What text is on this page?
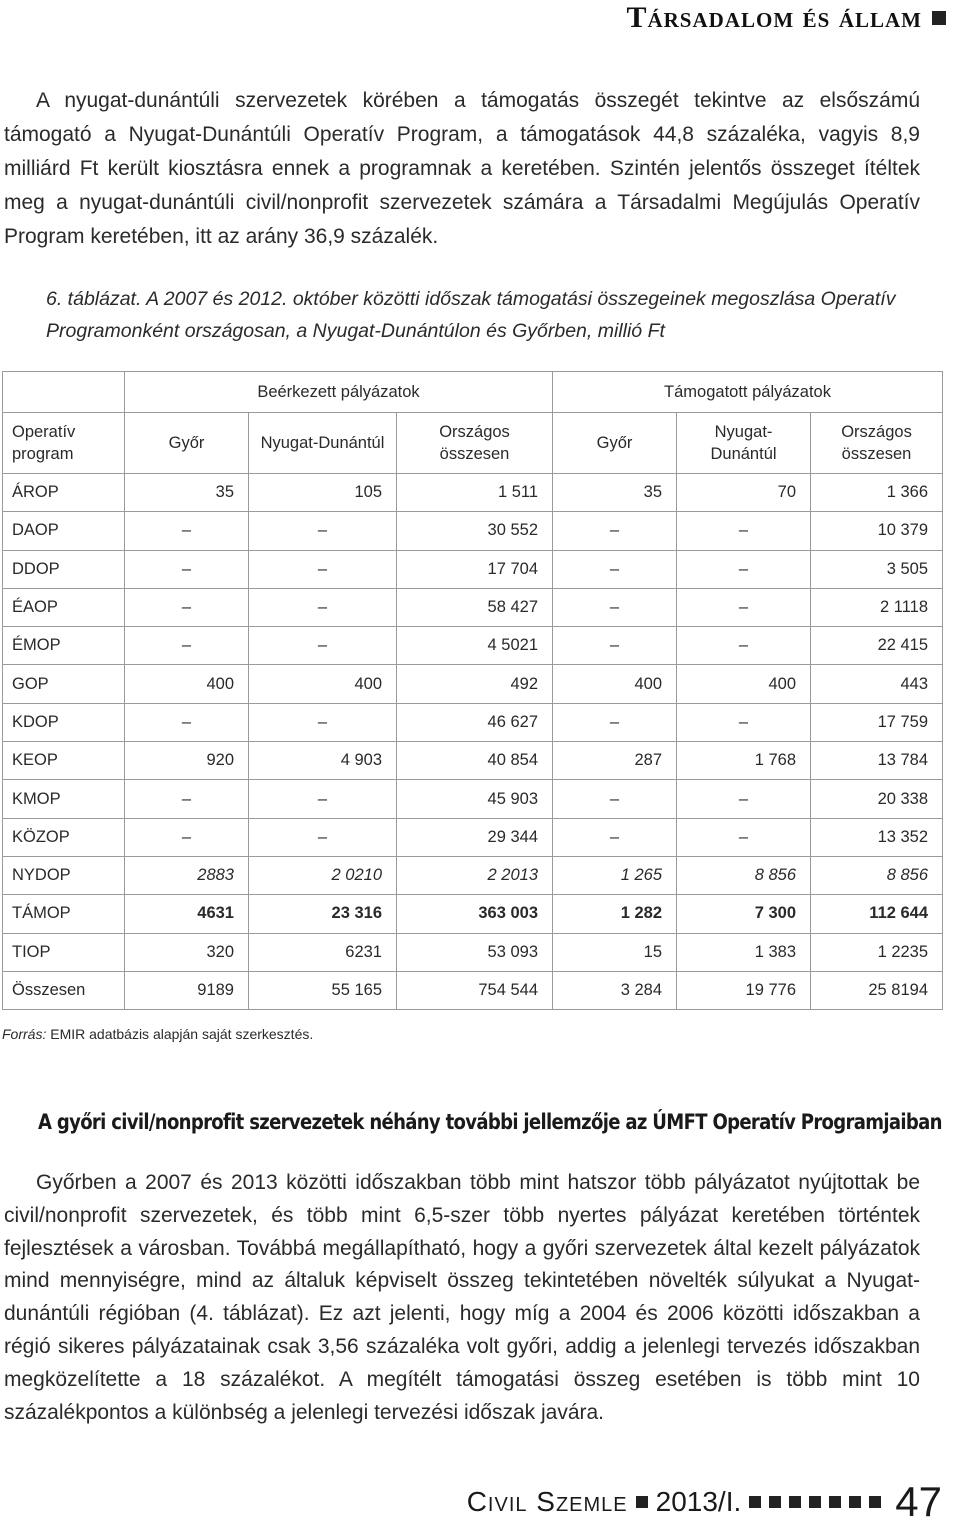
Társadalom és állam

A nyugat-dunántúli szervezetek körében a támogatás összegét tekintve az elsőszámú támogató a Nyugat-Dunántúli Operatív Program, a támogatások 44,8 százaléka, vagyis 8,9 milliárd Ft került kiosztásra ennek a programnak a keretében. Szintén jelentős összeget ítéltek meg a nyugat-dunántúli civil/nonprofit szervezetek számára a Társadalmi Megújulás Operatív Program keretében, itt az arány 36,9 százalék.

6. táblázat. A 2007 és 2012. október közötti időszak támogatási összegeinek megoszlása Operatív Programonként országosan, a Nyugat-Dunántúlon és Győrben, millió Ft

	Beérkezett pályázatok			Támogatott pályázatok		
Operatív program	Győr	Nyugat-Dunántúl	Országos összesen	Győr	Nyugat-Dunántúl	Országos összesen
ÁROP	35	105	1 511	35	70	1 366
DAOP	–	–	30 552	–	–	10 379
DDOP	–	–	17 704	–	–	3 505
ÉAOP	–	–	58 427	–	–	2 1118
ÉMOP	–	–	4 5021	–	–	22 415
GOP	400	400	492	400	400	443
KDOP	–	–	46 627	–	–	17 759
KEOP	920	4 903	40 854	287	1 768	13 784
KMOP	–	–	45 903	–	–	20 338
KÖZOP	–	–	29 344	–	–	13 352
NYDOP	2883	2 0210	2 2013	1 265	8 856	8 856
TÁMOP	4631	23 316	363 003	1 282	7 300	112 644
TIOP	320	6231	53 093	15	1 383	1 2235
Összesen	9189	55 165	754 544	3 284	19 776	25 8194
Forrás: EMIR adatbázis alapján saját szerkesztés.
A győri civil/nonprofit szervezetek néhány további jellemzője az ÚMFT Operatív Programjaiban

Győrben a 2007 és 2013 közötti időszakban több mint hatszor több pályázatot nyújtottak be civil/nonprofit szervezetek, és több mint 6,5-szer több nyertes pályázat keretében történtek fejlesztések a városban. Továbbá megállapítható, hogy a győri szervezetek által kezelt pályázatok mind mennyiségre, mind az általuk képviselt összeg tekintetében növelték súlyukat a Nyugat-dunántúli régióban (4. táblázat). Ez azt jelenti, hogy míg a 2004 és 2006 közötti időszakban a régió sikeres pályázatainak csak 3,56 százaléka volt győri, addig a jelenlegi tervezés időszakban megközelítette a 18 százalékot. A megítélt támogatási összeg esetében is több mint 10 százalékpontos a különbség a jelenlegi tervezési időszak javára.

Civil Szemle 2013/I.	47
